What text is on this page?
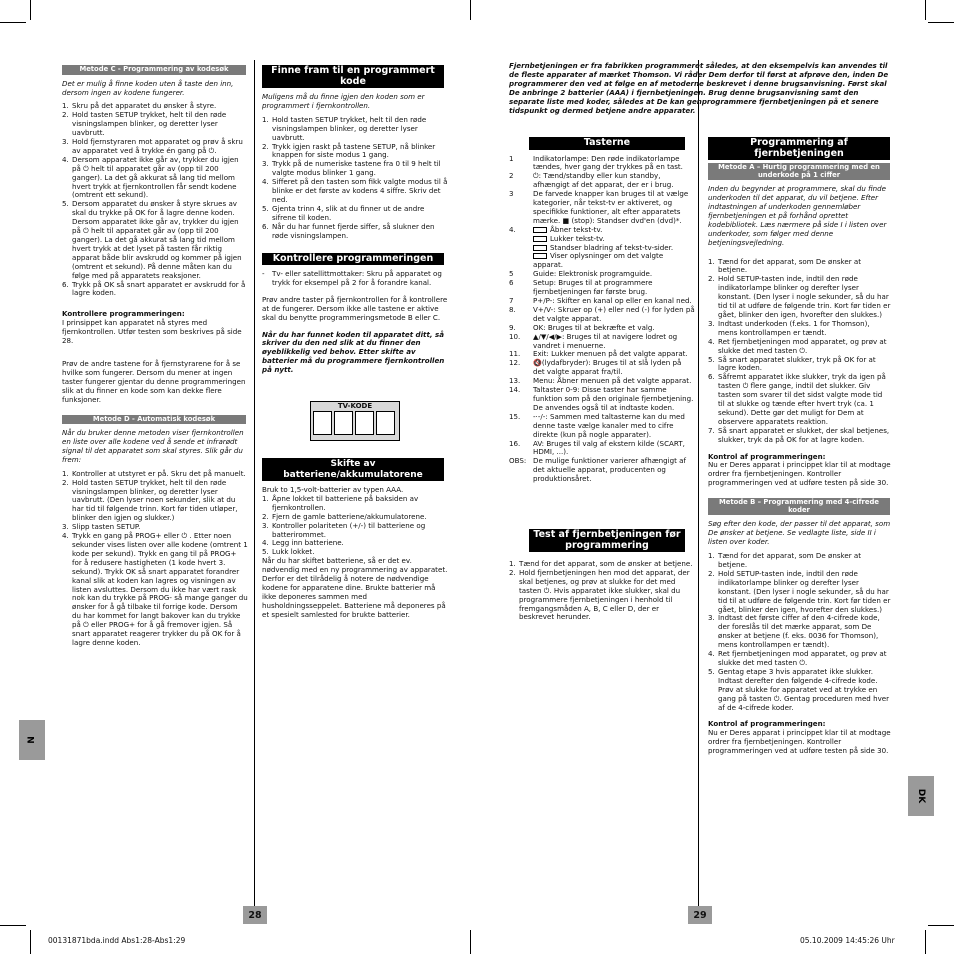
N
DK
28	29
00131871bda.indd Abs1:28-Abs1:29	05.10.2009 14:45:26 Uhr
Metode C - Programmering av kodesøk

Det er mulig å finne koden uten å taste den inn, dersom ingen av kodene fungerer.

1. Skru på det apparatet du ønsker å styre.
2. Hold tasten SETUP trykket, helt til den røde visningslampen blinker, og deretter lyser uavbrutt.
3. Hold fjernstyraren mot apparatet og prøv å skru av apparatet ved å trykke én gang på ⏻.
4. Dersom apparatet ikke går av, trykker du igjen på ⏻ helt til apparatet går av (opp til 200 ganger). La det gå akkurat så lang tid mellom hvert trykk at fjernkontrollen får sendt kodene (omtrent ett sekund).
5. Dersom apparatet du ønsker å styre skrues av skal du trykke på OK for å lagre denne koden. Dersom apparatet ikke går av, trykker du igjen på ⏻ helt til apparatet går av (opp til 200 ganger). La det gå akkurat så lang tid mellom hvert trykk at det lyset på tasten får riktig apparat både blir avskrudd og kommer på igjen (omtrent et sekund). På denne måten kan du følge med på apparatets reaksjoner.
6. Trykk på OK så snart apparatet er avskrudd for å lagre koden.

Kontrollere programmeringen:

I prinsippet kan apparatet nå styres med fjernkontrollen. Utfør testen som beskrives på side 28.

Prøv de andre tastene for å fjernstyrarene for å se hvilke som fungerer. Dersom du mener at ingen taster fungerer gjentar du denne programmeringen slik at du finner en kode som kan dekke flere funksjoner.

Metode D - Automatisk kodesøk

Når du bruker denne metoden viser fjernkontrollen en liste over alle kodene ved å sende et infrarødt signal til det apparatet som skal styres. Slik går du frem:

1. Kontroller at utstyret er på. Skru det på manuelt.
2. Hold tasten SETUP trykket, helt til den røde visningslampen blinker, og deretter lyser uavbrutt. (Den lyser noen sekunder, slik at du har tid til følgende trinn. Kort før tiden utløper, blinker den igjen og slukker.)
3. Slipp tasten SETUP.
4. Trykk en gang på PROG+ eller ⏻ . Etter noen sekunder vises listen over alle kodene (omtrent 1 kode per sekund). Trykk en gang til på PROG+ for å redusere hastigheten (1 kode hvert 3. sekund). Trykk OK så snart apparatet forandrer kanal slik at koden kan lagres og visningen av listen avsluttes. Dersom du ikke har vært rask nok kan du trykke på PROG- så mange ganger du ønsker for å gå tilbake til forrige kode. Dersom du har kommet for langt bakover kan du trykke på ⏻ eller PROG+ for å gå fremover igjen. Så snart apparatet reagerer trykker du på OK for å lagre denne koden.
Finne fram til en programmert kode

Muligens må du finne igjen den koden som er programmert i fjernkontrollen.

1. Hold tasten SETUP trykket, helt til den røde visningslampen blinker, og deretter lyser uavbrutt.
2. Trykk igjen raskt på tastene SETUP, nå blinker knappen for siste modus 1 gang.
3. Trykk på de numeriske tastene fra 0 til 9 helt til valgte modus blinker 1 gang.
4. Sifferet på den tasten som fikk valgte modus til å blinke er det første av kodens 4 siffre. Skriv det ned.
5. Gjenta trinn 4, slik at du finner ut de andre sifrene til koden.
6. Når du har funnet fjerde siffer, så slukner den røde visningslampen.
Kontrollere programmeringen
-	Tv- eller satellittmottaker: Skru på apparatet og trykk for eksempel på 2 for å forandre kanal.

Prøv andre taster på fjernkontrollen for å kontrollere at de fungerer. Dersom ikke alle tastene er aktive skal du benytte programmeringsmetode B eller C.

Når du har funnet koden til apparatet ditt, så skriver du den ned slik at du finner den øyeblikkelig ved behov. Etter skifte av batterier må du programmere fjernkontrollen på nytt.

TV-KODE
Skifte av batteriene/akkumulatorene

Bruk to 1,5-volt-batterier av typen AAA.

1. Åpne lokket til batteriene på baksiden av fjernkontrollen.
2. Fjern de gamle batteriene/akkumulatorene.
3. Kontroller polariteten (+/-) til batteriene og batterirommet.
4. Legg inn batteriene.
5. Lukk lokket.

Når du har skiftet batteriene, så er det ev. nødvendig med en ny programmering av apparatet. Derfor er det tilrådelig å notere de nødvendige kodene for apparatene dine. Brukte batterier må ikke deponeres sammen med husholdningsseppelet. Batteriene må deponeres på et spesielt samlested for brukte batterier.

Fjernbetjeningen er fra fabrikken programmeret således, at den eksempelvis kan anvendes til de fleste apparater af mærket Thomson. Vi råder Dem derfor til først at afprøve den, inden De programmerer den ved at følge en af metoderne beskrevet i denne brugsanvisning. Først skal De anbringe 2 batterier (AAA) i fjernbetjeningen. Brug denne brugsanvisning samt den separate liste med koder, således at De kan genprogrammere fjernbetjeningen på et senere tidspunkt og dermed betjene andre apparater.

Tasterne
1	Indikatorlampe: Den røde indikatorlampe tændes, hver gang der trykkes på en tast.
2	⏻: Tænd/standby eller kun standby, afhængigt af det apparat, der er i brug.
3	De farvede knapper kan bruges til at vælge kategorier, når tekst-tv er aktiveret, og specifikke funktioner, alt efter apparatets mærke. ■ (stop): Standser dvd'en (dvd)*.
4.	Åbner tekst-tv.
Lukker tekst-tv.
Standser bladring af tekst-tv-sider.
Viser oplysninger om det valgte apparat.
5	Guide: Elektronisk programguide.
6	Setup: Bruges til at programmere fjernbetjeningen før første brug.
7	P+/P-: Skifter en kanal op eller en kanal ned.
8.	V+/V-: Skruer op (+) eller ned (-) for lyden på det valgte apparat.
9.	OK: Bruges til at bekræfte et valg.
10.	▲/▼/◀/▶: Bruges til at navigere lodret og vandret i menuerne.
11.	Exit: Lukker menuen på det valgte apparat.
12.	🔇(lydafbryder): Bruges til at slå lyden på det valgte apparat fra/til.
13.	Menu: Åbner menuen på det valgte apparat.
14.	Taltaster 0-9: Disse taster har samme funktion som på den originale fjernbetjening. De anvendes også til at indtaste koden.
15.	-·-/-: Sammen med taltasterne kan du med denne taste vælge kanaler med to cifre direkte (kun på nogle apparater).
16.	AV: Bruges til valg af ekstern kilde (SCART, HDMI, ...).
OBS: De mulige funktioner varierer afhængigt af det aktuelle apparat, producenten og produktionsåret.
Test af fjernbetjeningen før programmering
1. Tænd for det apparat, som de ønsker at betjene.
2. Hold fjernbetjeningen hen mod det apparat, der skal betjenes, og prøv at slukke for det med tasten ⏻. Hvis apparatet ikke slukker, skal du programmere fjernbetjeningen i henhold til fremgangsmåden A, B, C eller D, der er beskrevet herunder.
Programmering af fjernbetjeningen
Metode A – Hurtig programmering med en underkode på 1 ciffer

Inden du begynder at programmere, skal du finde underkoden til det apparat, du vil betjene. Efter indtastningen af underkoden gennemløber fjernbetjeningen et på forhånd oprettet kodebibliotek. Læs nærmere på side I i listen over underkoder, som følger med denne betjeningsvejledning.

1. Tænd for det apparat, som De ønsker at betjene.
2. Hold SETUP-tasten inde, indtil den røde indikatorlampe blinker og derefter lyser konstant. (Den lyser i nogle sekunder, så du har tid til at udføre de følgende trin. Kort før tiden er gået, blinker den igen, hvorefter den slukkes.)
3. Indtast underkoden (f.eks. 1 for Thomson), mens kontrollampen er tændt.
4. Ret fjernbetjeningen mod apparatet, og prøv at slukke det med tasten ⏻.
5. Så snart apparatet slukker, tryk på OK for at lagre koden.
6. Såfremt apparatet ikke slukker, tryk da igen på tasten ⏻ flere gange, indtil det slukker. Giv tasten som svarer til det sidst valgte mode tid til at slukke og tænde efter hvert tryk (ca. 1 sekund). Dette gør det muligt for Dem at observere apparatets reaktion.
7. Så snart apparatet er slukket, der skal betjenes, slukker, tryk da på OK for at lagre koden.

Kontrol af programmeringen:

Nu er Deres apparat i princippet klar til at modtage ordrer fra fjernbetjeningen. Kontroller programmeringen ved at udføre testen på side 30.

Metode B – Programmering med 4-cifrede koder

Søg efter den kode, der passer til det apparat, som De ønsker at betjene. Se vedlagte liste, side II i listen over koder.

1. Tænd for det apparat, som De ønsker at betjene.
2. Hold SETUP-tasten inde, indtil den røde indikatorlampe blinker og derefter lyser konstant. (Den lyser i nogle sekunder, så du har tid til at udføre de følgende trin. Kort før tiden er gået, blinker den igen, hvorefter den slukkes.)
3. Indtast det første ciffer af den 4-cifrede kode, der foreslås til det mærke apparat, som De ønsker at betjene (f. eks. 0036 for Thomson), mens kontrollampen er tændt).
4. Ret fjernbetjeningen mod apparatet, og prøv at slukke det med tasten ⏻.
5. Gentag etape 3 hvis apparatet ikke slukker. Indtast derefter den følgende 4-cifrede kode. Prøv at slukke for apparatet ved at trykke en gang på tasten ⏻. Gentag proceduren med hver af de 4-cifrede koder.

Kontrol af programmeringen:

Nu er Deres apparat i princippet klar til at modtage ordrer fra fjernbetjeningen. Kontroller programmeringen ved at udføre testen på side 30.
